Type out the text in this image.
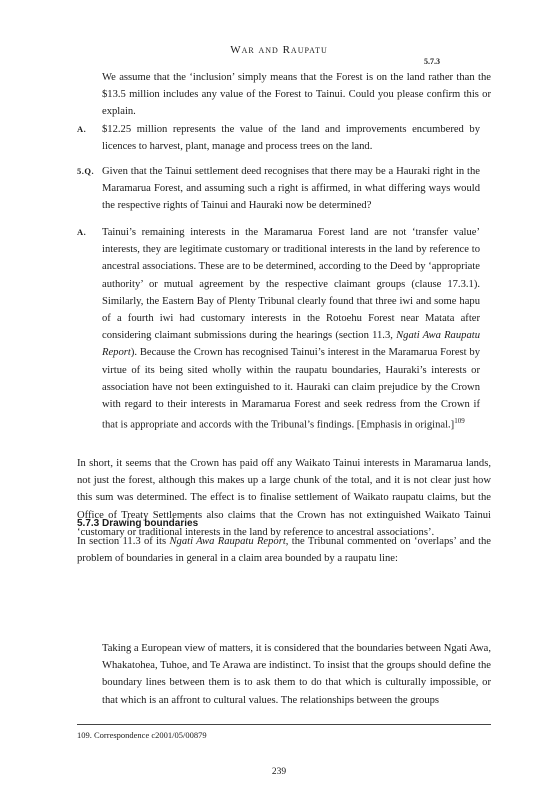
War and Raupatu
5.7.3
We assume that the ‘inclusion’ simply means that the Forest is on the land rather than the $13.5 million includes any value of the Forest to Tainui. Could you please confirm this or explain.
A. $12.25 million represents the value of the land and improvements encumbered by licences to harvest, plant, manage and process trees on the land.
5.Q. Given that the Tainui settlement deed recognises that there may be a Hauraki right in the Maramarua Forest, and assuming such a right is affirmed, in what differing ways would the respective rights of Tainui and Hauraki now be determined?
A. Tainui’s remaining interests in the Maramarua Forest land are not ‘transfer value’ interests, they are legitimate customary or traditional interests in the land by reference to ancestral associations. These are to be determined, according to the Deed by ‘appropriate authority’ or mutual agreement by the respective claimant groups (clause 17.3.1). Similarly, the Eastern Bay of Plenty Tribunal clearly found that three iwi and some hapu of a fourth iwi had customary interests in the Rotoehu Forest near Matata after considering claimant submissions during the hearings (section 11.3, Ngati Awa Raupatu Report). Because the Crown has recognised Tainui’s interest in the Maramarua Forest by virtue of its being sited wholly within the raupatu boundaries, Hauraki’s interests or association have not been extinguished to it. Hauraki can claim prejudice by the Crown with regard to their interests in Maramarua Forest and seek redress from the Crown if that is appropriate and accords with the Tribunal’s findings. [Emphasis in original.]$^{109}$
In short, it seems that the Crown has paid off any Waikato Tainui interests in Maramarua lands, not just the forest, although this makes up a large chunk of the total, and it is not clear just how this sum was determined. The effect is to finalise settlement of Waikato raupatu claims, but the Office of Treaty Settlements also claims that the Crown has not extinguished Waikato Tainui ‘customary or traditional interests in the land by reference to ancestral associations’.
5.7.3 Drawing boundaries
In section 11.3 of its Ngati Awa Raupatu Report, the Tribunal commented on ‘overlaps’ and the problem of boundaries in general in a claim area bounded by a raupatu line:
Taking a European view of matters, it is considered that the boundaries between Ngati Awa, Whakatohea, Tuhoe, and Te Arawa are indistinct. To insist that the groups should define the boundary lines between them is to ask them to do that which is culturally impossible, or that which is an affront to cultural values. The relationships between the groups
109. Correspondence c2001/05/00879
239
